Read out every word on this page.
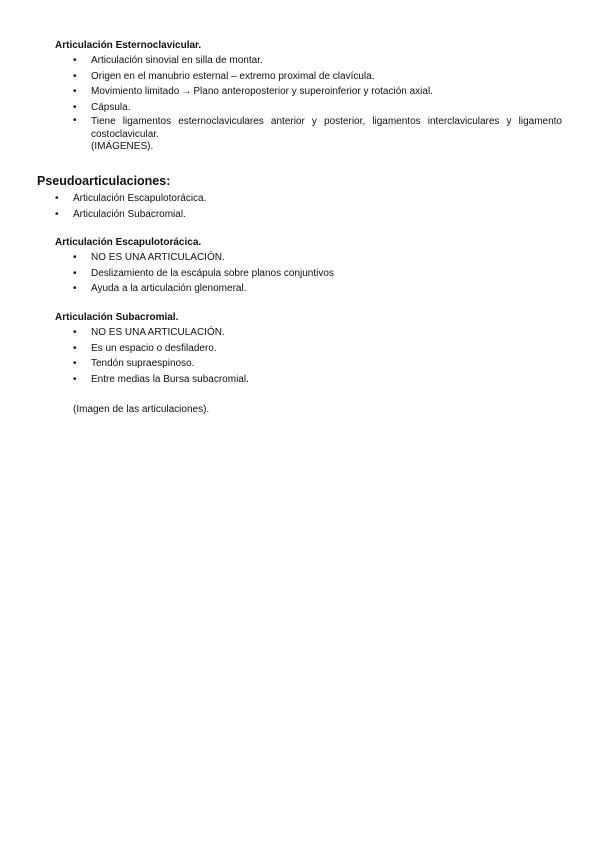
Articulación Esternoclavicular.
• Articulación sinovial en silla de montar.
• Origen en el manubrio esternal – extremo proximal de clavícula.
• Movimiento limitado → Plano anteroposterior y superoinferior y rotación axial.
• Cápsula.
• Tiene ligamentos esternoclaviculares anterior y posterior, ligamentos interclaviculares y ligamento costoclavicular.
(IMÁGENES).
Pseudoarticulaciones:
• Articulación Escapulotorácica.
• Articulación Subacromial.
Articulación Escapulotorácica.
• NO ES UNA ARTICULACIÓN.
• Deslizamiento de la escápula sobre planos conjuntivos
• Ayuda a la articulación glenomeral.
Articulación Subacromial.
• NO ES UNA ARTICULACIÓN.
• Es un espacio o desfiladero.
• Tendón supraespinoso.
• Entre medias la Bursa subacromial.
(Imagen de las articulaciones).
